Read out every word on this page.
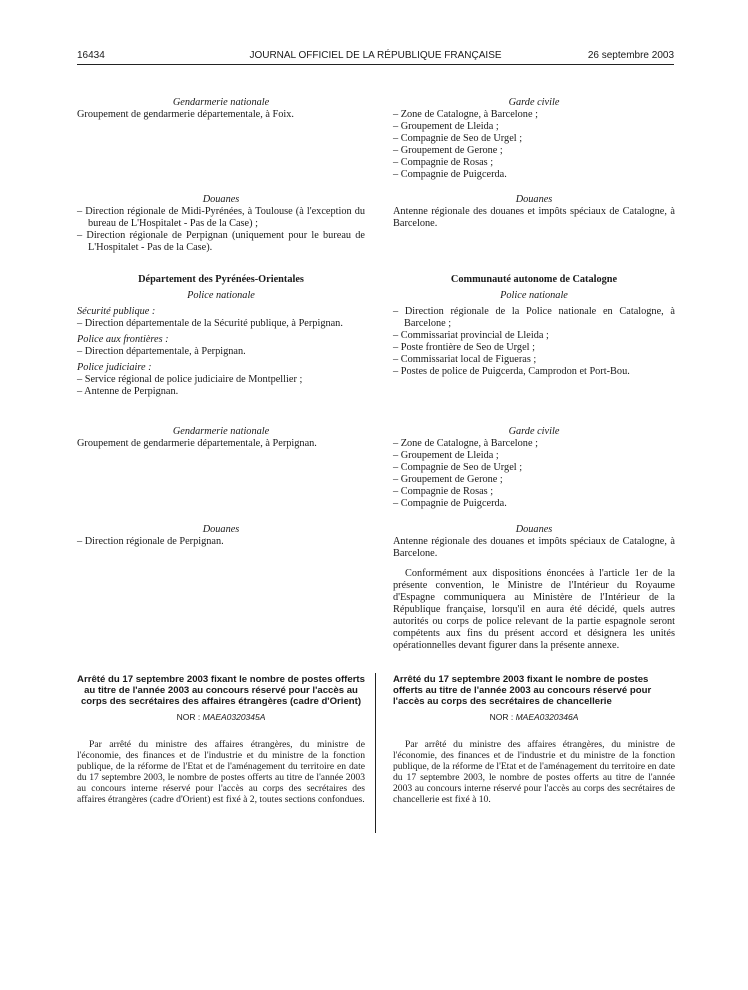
JOURNAL OFFICIEL DE LA RÉPUBLIQUE FRANÇAISE
16434	26 septembre 2003
Gendarmerie nationale
Groupement de gendarmerie départementale, à Foix.
Douanes
– Direction régionale de Midi-Pyrénées, à Toulouse (à l'exception du bureau de L'Hospitalet - Pas de la Case) ;
– Direction régionale de Perpignan (uniquement pour le bureau de L'Hospitalet - Pas de la Case).
Département des Pyrénées-Orientales
Police nationale
Sécurité publique :
– Direction départementale de la Sécurité publique, à Perpignan.
Police aux frontières :
– Direction départementale, à Perpignan.
Police judiciaire :
– Service régional de police judiciaire de Montpellier ;
– Antenne de Perpignan.
Gendarmerie nationale
Groupement de gendarmerie départementale, à Perpignan.
Douanes
– Direction régionale de Perpignan.
Arrêté du 17 septembre 2003 fixant le nombre de postes offerts au titre de l'année 2003 au concours réservé pour l'accès au corps des secrétaires des affaires étrangères (cadre d'Orient)
NOR : MAEA0320345A
Par arrêté du ministre des affaires étrangères, du ministre de l'économie, des finances et de l'industrie et du ministre de la fonction publique, de la réforme de l'Etat et de l'aménagement du territoire en date du 17 septembre 2003, le nombre de postes offerts au titre de l'année 2003 au concours interne réservé pour l'accès au corps des secrétaires des affaires étrangères (cadre d'Orient) est fixé à 2, toutes sections confondues.
Garde civile
– Zone de Catalogne, à Barcelone ;
– Groupement de Lleida ;
– Compagnie de Seo de Urgel ;
– Groupement de Gerone ;
– Compagnie de Rosas ;
– Compagnie de Puigcerda.
Douanes
Antenne régionale des douanes et impôts spéciaux de Catalogne, à Barcelone.
Communauté autonome de Catalogne
Police nationale
– Direction régionale de la Police nationale en Catalogne, à Barcelone ;
– Commissariat provincial de Lleida ;
– Poste frontière de Seo de Urgel ;
– Commissariat local de Figueras ;
– Postes de police de Puigcerda, Camprodon et Port-Bou.
Garde civile
– Zone de Catalogne, à Barcelone ;
– Groupement de Lleida ;
– Compagnie de Seo de Urgel ;
– Groupement de Gerone ;
– Compagnie de Rosas ;
– Compagnie de Puigcerda.
Douanes
Antenne régionale des douanes et impôts spéciaux de Catalogne, à Barcelone.
Conformément aux dispositions énoncées à l'article 1er de la présente convention, le Ministre de l'Intérieur du Royaume d'Espagne communiquera au Ministère de l'Intérieur de la République française, lorsqu'il en aura été décidé, quels autres autorités ou corps de police relevant de la partie espagnole seront compétents aux fins du présent accord et désignera les unités opérationnelles devant figurer dans la présente annexe.
Arrêté du 17 septembre 2003 fixant le nombre de postes offerts au titre de l'année 2003 au concours réservé pour l'accès au corps des secrétaires de chancellerie
NOR : MAEA0320346A
Par arrêté du ministre des affaires étrangères, du ministre de l'économie, des finances et de l'industrie et du ministre de la fonction publique, de la réforme de l'Etat et de l'aménagement du territoire en date du 17 septembre 2003, le nombre de postes offerts au titre de l'année 2003 au concours interne réservé pour l'accès au corps des secrétaires de chancellerie est fixé à 10.
